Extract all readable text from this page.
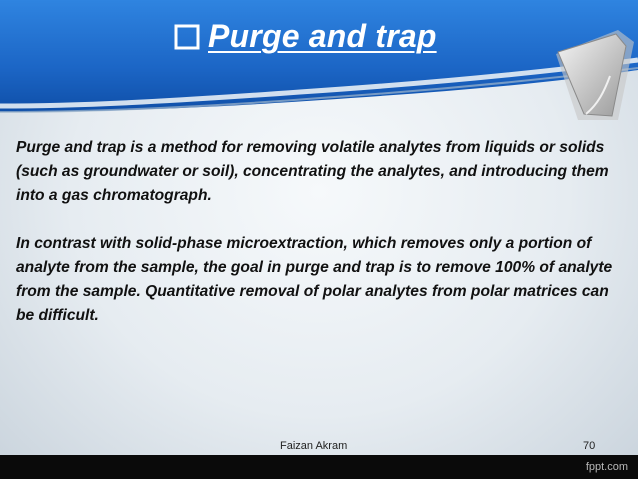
Purge and trap

Purge and trap is a method for removing volatile analytes from liquids or solids (such as groundwater or soil), concentrating the analytes, and introducing them into a gas chromatograph.

In contrast with solid-phase microextraction, which removes only a portion of analyte from the sample, the goal in purge and trap is to remove 100% of analyte from the sample. Quantitative removal of polar analytes from polar matrices can be difficult.

Faizan Akram	70
fppt.com
